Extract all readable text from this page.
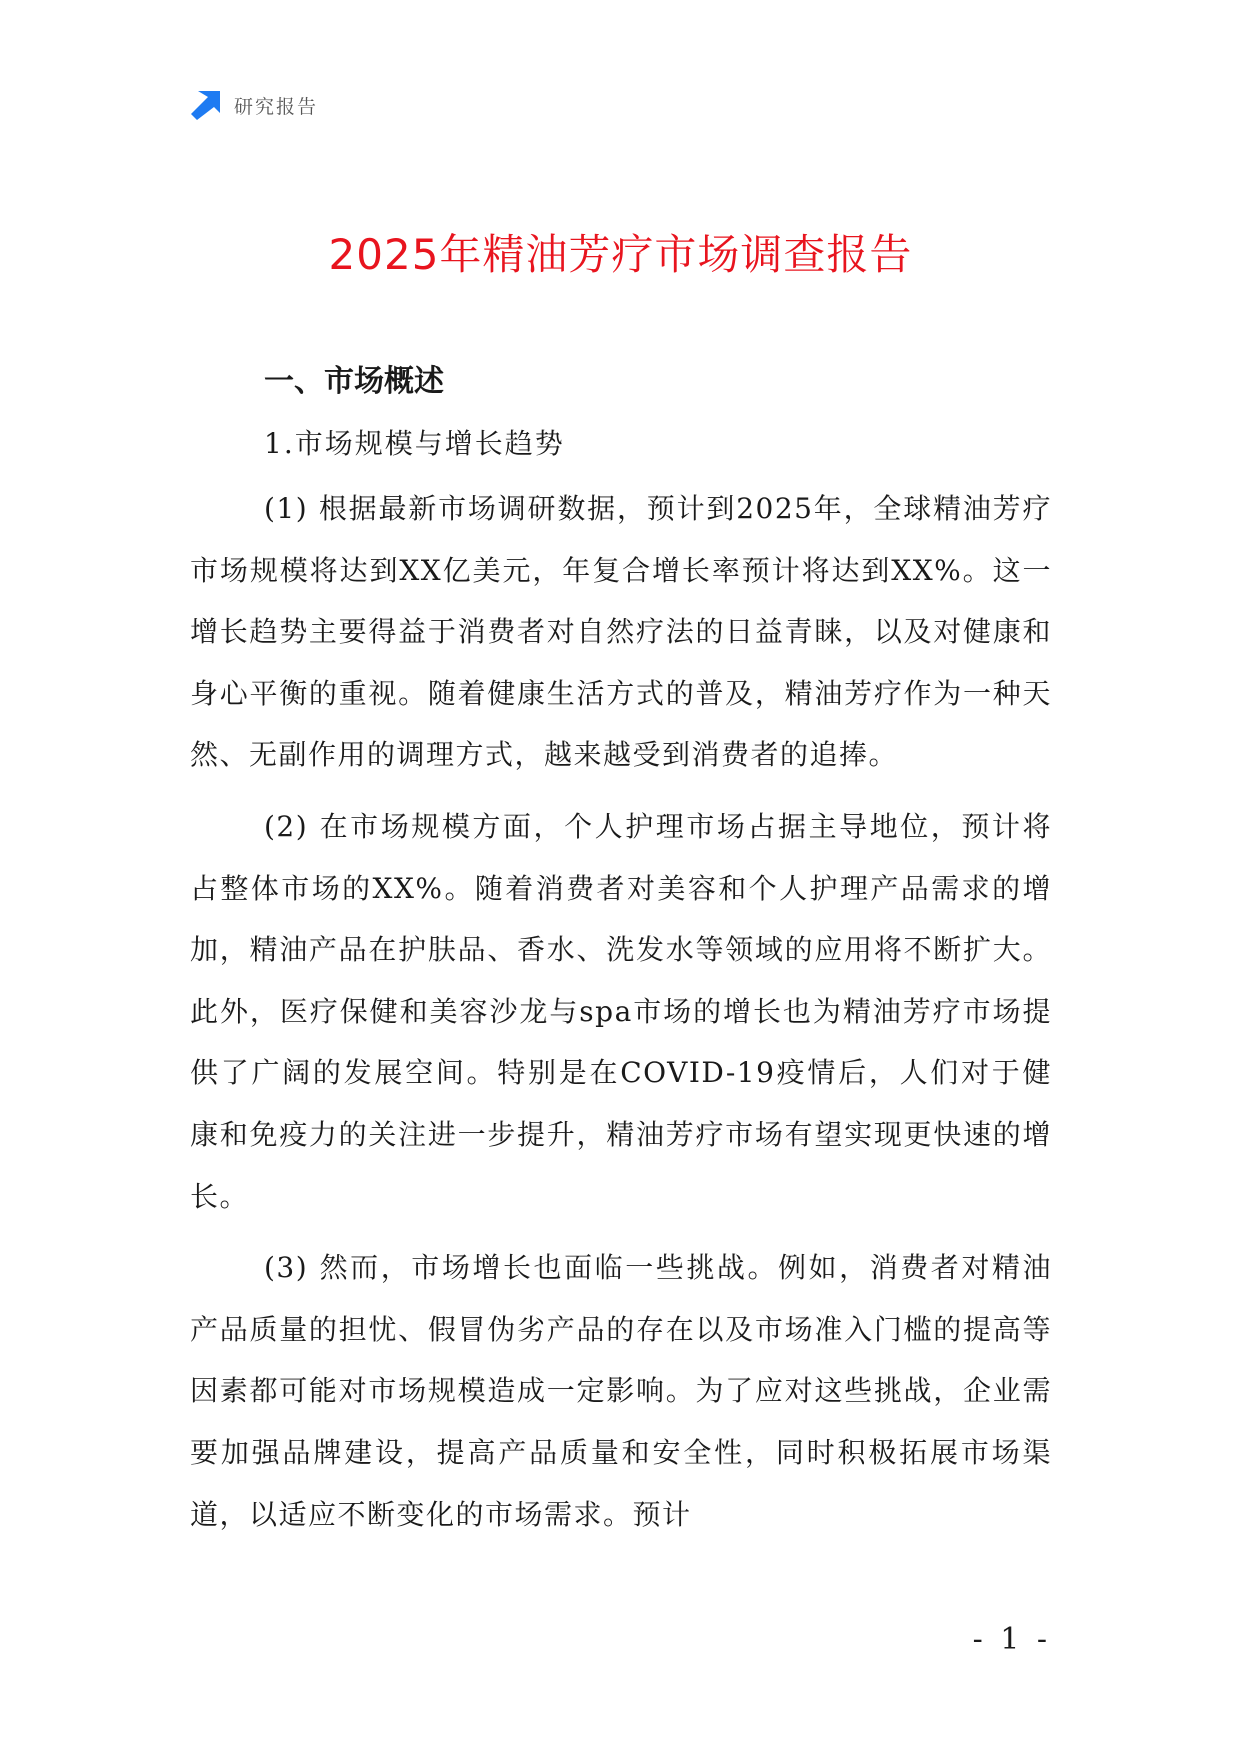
研究报告
2025年精油芳疗市场调查报告
一、市场概述
1.市场规模与增长趋势

(1) 根据最新市场调研数据，预计到2025年，全球精油芳疗市场规模将达到XX亿美元，年复合增长率预计将达到XX%。这一增长趋势主要得益于消费者对自然疗法的日益青睐，以及对健康和身心平衡的重视。随着健康生活方式的普及，精油芳疗作为一种天然、无副作用的调理方式，越来越受到消费者的追捧。

(2) 在市场规模方面，个人护理市场占据主导地位，预计将占整体市场的XX%。随着消费者对美容和个人护理产品需求的增加，精油产品在护肤品、香水、洗发水等领域的应用将不断扩大。此外，医疗保健和美容沙龙与spa市场的增长也为精油芳疗市场提供了广阔的发展空间。特别是在COVID-19疫情后，人们对于健康和免疫力的关注进一步提升，精油芳疗市场有望实现更快速的增长。

(3) 然而，市场增长也面临一些挑战。例如，消费者对精油产品质量的担忧、假冒伪劣产品的存在以及市场准入门槛的提高等因素都可能对市场规模造成一定影响。为了应对这些挑战，企业需要加强品牌建设，提高产品质量和安全性，同时积极拓展市场渠道，以适应不断变化的市场需求。预计

- 1 -
